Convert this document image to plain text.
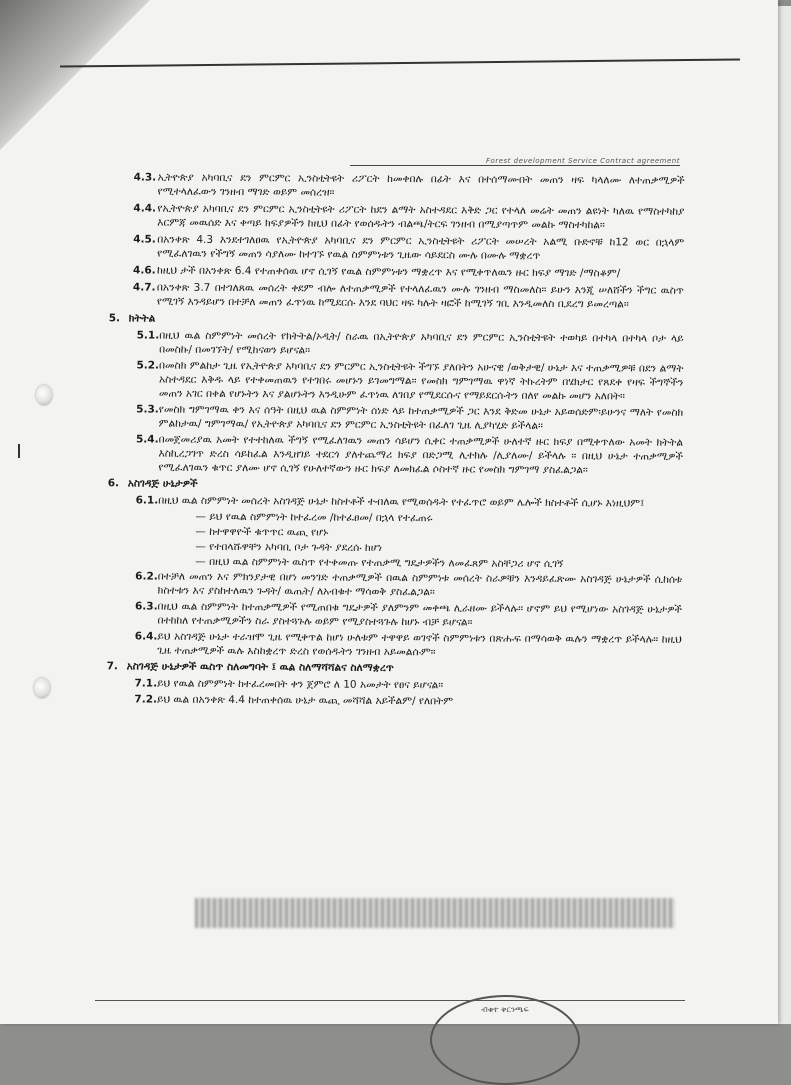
Forest development Service Contract agreement
4.3. ኢትዮጵያ አካባቢና ደን ምርምር ኢንስቲትዩት ሪፖርት ከመቀበሉ በፊት እና በተሰማሙበት መጠን ዛፍ ካላለሙ ለተጠቃሚዎች የሚተላለፈውን ገንዘብ ማገድ ወይም መሰረዝ።
4.4. የኢትዮጵያ አካባቢና ደን ምርምር ኢንስቲትዩት ሪፖርት ከደን ልማት አስተዳደር እቅድ ጋር የተላለ መሬት መጠን ልዩነት ካለዉ የማስተካከያ እርምጃ መዉሰድ እና ቀጣይ ክፍያዎችን ከዚህ በፊት የወሰዱትን ብልጫ/ትርፍ ገንዘብ በሚያጣጥም መልኩ ማስተካከል።
4.5. በአንቀጽ 4.3 እንደተገለፀዉ የኢትዮጵያ አካባቢና ደን ምርምር ኢንስቲትዩት ሪፖርት መሠረት አልሚ ቡድኖቹ ከ12 ወር በኋላም የሚፈለገዉን የችግኝ መጠን ሳያለሙ ከተገኙ የዉል ስምምነቱን ጊዜው ሳይደርስ ሙሉ በሙሉ ማቋረጥ
4.6. ከዚህ ታች በአንቀጽ 6.4 የተጠቀሰዉ ሆኖ ሲገኝ የዉል ስምምነቱን ማቋረጥ እና የሚቀጥለዉን ዙር ክፍያ ማገድ /ማስቆም/
4.7. በአንቀጽ 3.7 በተገለጸዉ መሰረት ቀደም ብሎ ለተጠቃሚዎች የተላለፈዉን ሙሉ ገንዘብ ማስመለስ። ይሁን እንጂ ሠለሸችን ችግር ዉስጥ የሚገኝ እንዳይሆን በተቻለ መጠን ፈጥነዉ ከሚደርሱ እንደ ባህር ዛፍ ካሉት ዛፎች ከሚገኝ ገቢ እንዲመለስ ቢደረግ ይመረጣል።
5. ክትትል
5.1. በዚህ ዉል ስምምነት መሰረት የክትትል/ኦዲት/ ስራዉ በኢትዮጵያ አካባቢና ደን ምርምር ኢንስቲትዩት ተወካይ በተካላ በተካላ ቦታ ላይ በመስኩ/ በመገኘት/ የሚከናወን ይሆናል።
5.2. በመስክ ምልከታ ጊዜ የኢትዮጵያ አካባቢና ደን ምርምር ኢንስቲትዩት ችግኙ ያለበትን አሁናዊ /ወቅታዊ/ ሁኔታ እና ተጠቃሚዎቹ በደን ልማት አስተዳደር እቅዱ ላይ የተቀመጠዉን የተገበሩ መሆኑን ይገመግማል። የመስክ ግምገማዉ ዋነኛ ትኩረትም በሄክታር የጸደቀ የዛፍ ችግኞችን መጠን አገር በቀል የሆኑትን እና ያልሆኑትን እንዲሁም ፈጥነዉ ለገበያ የሚደርሱና የማይደርሱትን በለየ መልኩ መሆን አለበት።
5.3. የመስክ ግምገማዉ ቀን እና ሰዓት በዚህ ዉል ስምምነት ሰነድ ላይ ከተጠቃሚዎች ጋር እንደ ቅድመ ሁኔታ አይወሰድም፡ይሁንና ማለት የመስክ ምልከታዉ/ ግምገማዉ/ የኢትዮጵያ አካባቢና ደን ምርምር ኢንስቲትዩት በፈለገ ጊዜ ሊያካሂድ ይችላል።
5.4. በመጀመሪያዉ አመት የተተከለዉ ችግኝ የሚፈለገዉን መጠን ሳይሆን ሲቀር ተጠቃሚዎች ሁለተኛ ዙር ክፍያ በሚቀጥለው አመት ክትትል እስኪረጋገጥ ድረስ ሳይከፈል እንዲዘገይ ተደርጎ ያለተጨማሪ ክፍያ በድጋሚ ሊተክሉ /ሊያለሙ/ ይችላሉ ። በዚህ ሁኔታ ተጠቃሚዎች የሚፈለገዉን ቁጥር ያለሙ ሆኖ ሲገኝ የሁለተኛውን ዙር ክፍያ ለመክፈል ሶስተኛ ዙር የመስክ ግምገማ ያስፈልጋል።
6. አስገዳጅ ሁኔታዎች
6.1. በዚህ ዉል ስምምነት መሰረት አስገዳጅ ሁኔታ ከስተቶች ተብለዉ የሚወሰዱት የተፈጥሮ ወይም ሌሎች ክስተቶች ሲሆኑ እነዚህም፤
— ይህ የዉል ስምምነት ከተፈረመ /ከተፈፀመ/ በኋላ የተፈጠሩ
— ከተዋዋዮች ቁጥጥር ዉጪ የሆኑ
— የተበላሹዋቸን አካባቢ ቦታ ጉዳት ያደረሱ ከሆነ
— በዚህ ዉል ስምምነት ዉስጥ የተቀመጡ የተጠቃሚ ግዴታዎችን ለመፈጸም አስቸጋሪ ሆኖ ሲገኝ
6.2. በተቻለ መጠን እና ምክንያታዊ በሆነ መንገድ ተጠቃሚዎች በዉል ስምምነቱ መሰረት ስራዎቹን እንዳይፈጽሙ አስገዳጅ ሁኔታዎች ሲከሰቱ ክስተቱን እና ያስከተለዉን ጉዳት/ ዉጤት/ ለአብቁተ ማሳወቅ ያስፈልጋል።
6.3. በዚህ ዉል ስምምነት ከተጠቃሚዎች የሚጠበቁ ግዴታዎች ያለምንም መቀጫ ሊራዘሙ ይችላሉ። ሆኖም ይህ የሚሆነው አስገዳጅ ሁኔታዎች በተከከለ የተጠቃሚዎችን ስራ ያስተጓጉሉ ወይም የሚያስተጓጉሉ ከሆኑ ብቻ ይሆናል።
6.4. ይህ አስገዳጅ ሁኔታ ተራዝሞ ጊዜ የሚቀጥል ከሆነ ሁለቱም ተዋዋይ ወገኖች ስምምነቱን በጽሑፍ በማሳወቅ ዉሉን ማቋረጥ ይችላሉ። ከዚህ ጊዜ ተጠቃሚዎች ዉሉ እስከቋረጥ ድረስ የወሰዱትን ገንዘብ አይመልሱም።
7. አስገዳጅ ሁኔታዎች ዉስጥ ስለመግባት ፤ ዉል ስለማሻሻልና ስለማቋረጥ
7.1. ይህ የዉል ስምምነት ከተፈረመበት ቀን ጀምሮ ለ 10 አመታት የፀና ይሆናል።
7.2. ይህ ዉል በአንቀጽ 4.4 ከተጠቀሰዉ ሁኔታ ዉጪ መሻሻል አይችልም/ የለበትም
ብቁተ ቅርንጫፍ
